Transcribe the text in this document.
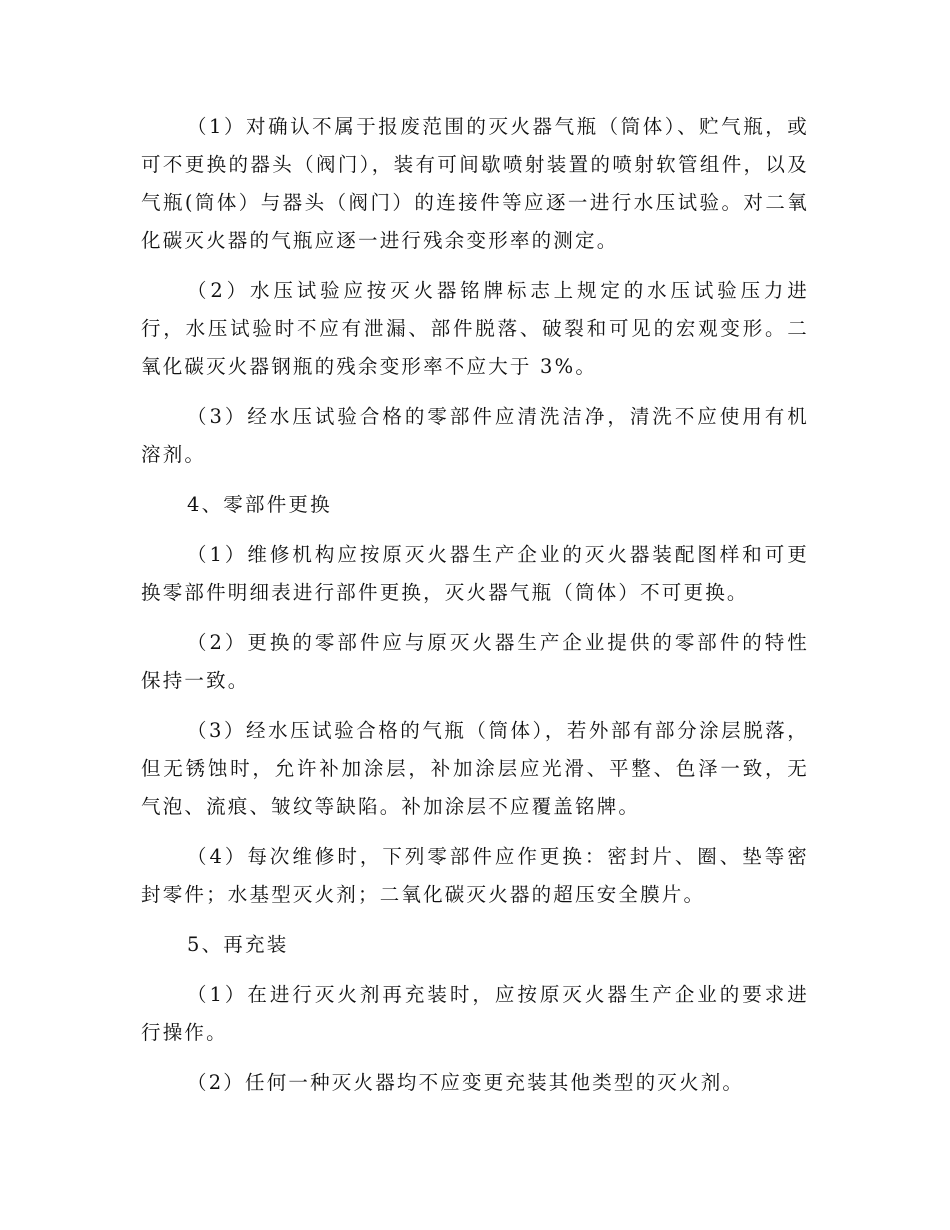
（1）对确认不属于报废范围的灭火器气瓶（筒体）、贮气瓶，或可不更换的器头（阀门），装有可间歇喷射装置的喷射软管组件，以及气瓶(筒体）与器头（阀门）的连接件等应逐一进行水压试验。对二氧化碳灭火器的气瓶应逐一进行残余变形率的测定。

（2）水压试验应按灭火器铭牌标志上规定的水压试验压力进行，水压试验时不应有泄漏、部件脱落、破裂和可见的宏观变形。二氧化碳灭火器钢瓶的残余变形率不应大于 3%。

（3）经水压试验合格的零部件应清洗洁净，清洗不应使用有机溶剂。

4、零部件更换

（1）维修机构应按原灭火器生产企业的灭火器装配图样和可更换零部件明细表进行部件更换，灭火器气瓶（筒体）不可更换。

（2）更换的零部件应与原灭火器生产企业提供的零部件的特性保持一致。

（3）经水压试验合格的气瓶（筒体），若外部有部分涂层脱落，但无锈蚀时，允许补加涂层，补加涂层应光滑、平整、色泽一致，无气泡、流痕、皱纹等缺陷。补加涂层不应覆盖铭牌。

（4）每次维修时，下列零部件应作更换：密封片、圈、垫等密封零件；水基型灭火剂；二氧化碳灭火器的超压安全膜片。

5、再充装

（1）在进行灭火剂再充装时，应按原灭火器生产企业的要求进行操作。

（2）任何一种灭火器均不应变更充装其他类型的灭火剂。
